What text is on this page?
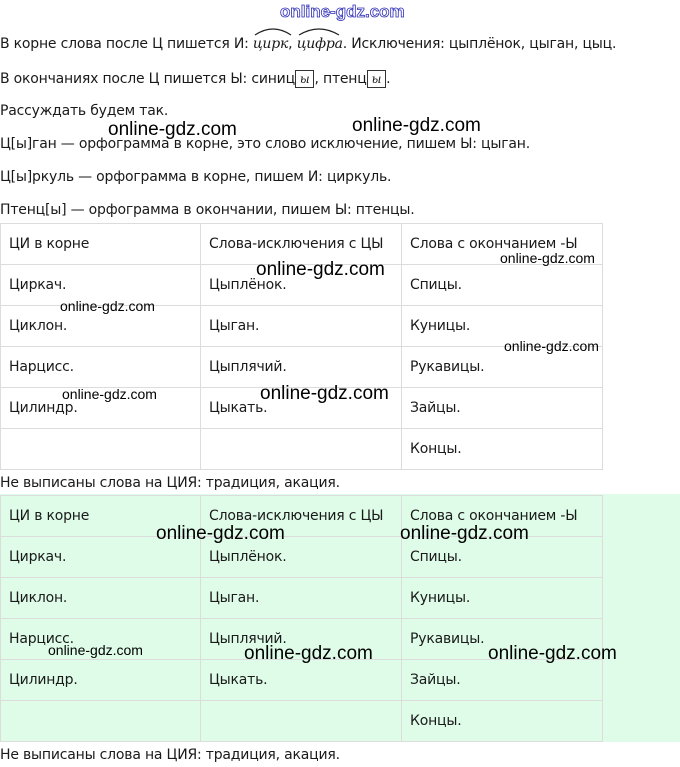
online-gdz.com
В корне слова после Ц пишется И:
цирк,
цифра. Исключения: цыплёнок, цыган, цыц.
В окончаниях после Ц пишется Ы: синиц ы , птенц ы .
Рассуждать будем так.
Ц[ы]ган — орфограмма в корне, это слово исключение, пишем Ы: цыган.
Ц[ы]ркуль — орфограмма в корне, пишем И: циркуль.
Птенц[ы] — орфограмма в окончании, пишем Ы: птенцы.
ЦИ в корне	Слова-исключения с ЦЫ	Слова с окончанием -Ы
Циркач.	Цыплёнок.	Спицы.
Циклон.	Цыган.	Куницы.
Нарцисс.	Цыплячий.	Рукавицы.
Цилиндр.	Цыкать.	Зайцы.
		Концы.
Не выписаны слова на ЦИЯ: традиция, акация.
ЦИ в корне	Слова-исключения с ЦЫ	Слова с окончанием -Ы
Циркач.	Цыплёнок.	Спицы.
Циклон.	Цыган.	Куницы.
Нарцисс.	Цыплячий.	Рукавицы.
Цилиндр.	Цыкать.	Зайцы.
		Концы.
Не выписаны слова на ЦИЯ: традиция, акация.
online-gdz.com	online-gdz.com
online-gdz.com
online-gdz.com
online-gdz.com
online-gdz.com
online-gdz.com	online-gdz.com
online-gdz.com	online-gdz.com
online-gdz.com	online-gdz.com	online-gdz.com
